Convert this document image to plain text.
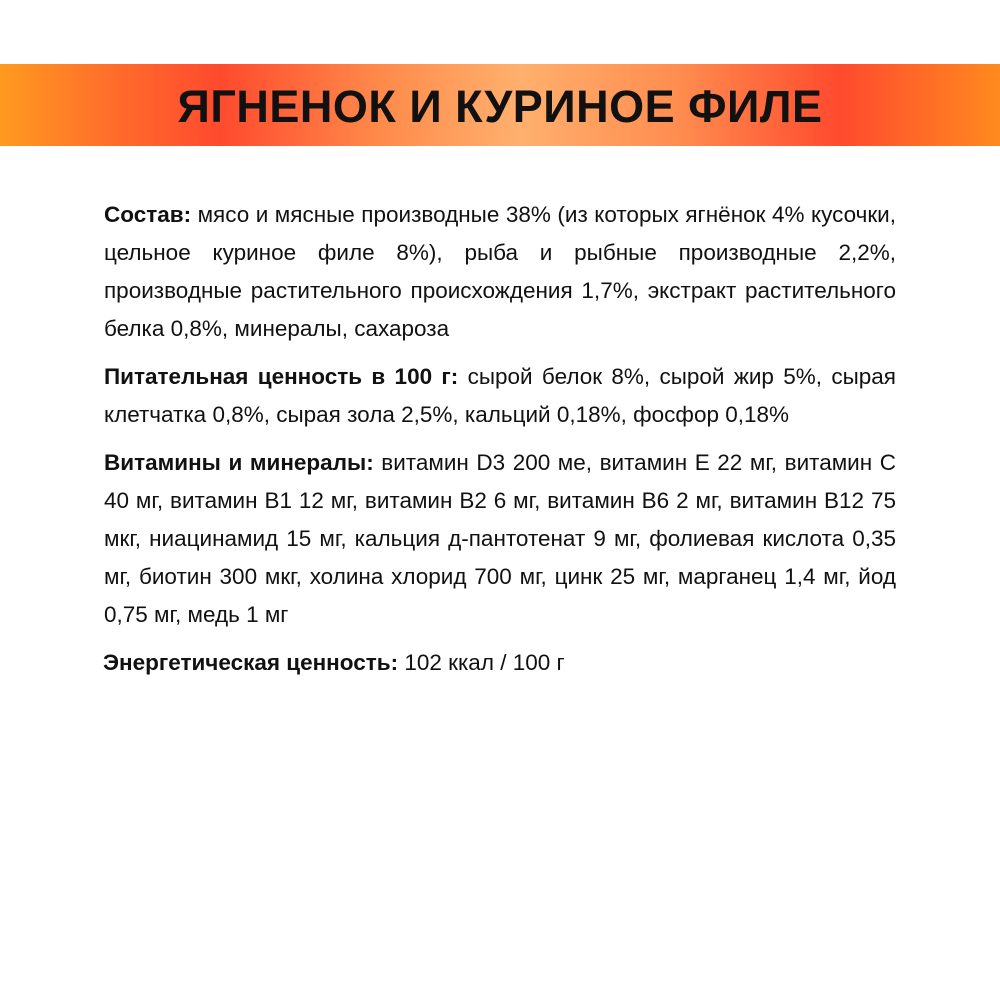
ЯГНЕНОК И КУРИНОЕ ФИЛЕ

Состав: мясо и мясные производные 38% (из которых ягнёнок 4% кусочки, цельное куриное филе 8%), рыба и рыбные производные 2,2%, производные растительного происхождения 1,7%, экстракт растительного белка 0,8%, минералы, сахароза

Питательная ценность в 100 г: сырой белок 8%, сырой жир 5%, сырая клетчатка 0,8%, сырая зола 2,5%, кальций 0,18%, фосфор 0,18%

Витамины и минералы: витамин D3 200 ме, витамин Е 22 мг, витамин С 40 мг, витамин В1 12 мг, витамин В2 6 мг, витамин В6 2 мг, витамин В12 75 мкг, ниацинамид 15 мг, кальция д-пантотенат 9 мг, фолиевая кислота 0,35 мг, биотин 300 мкг, холина хлорид 700 мг, цинк 25 мг, марганец 1,4 мг, йод 0,75 мг, медь 1 мг

Энергетическая ценность: 102 ккал / 100 г
